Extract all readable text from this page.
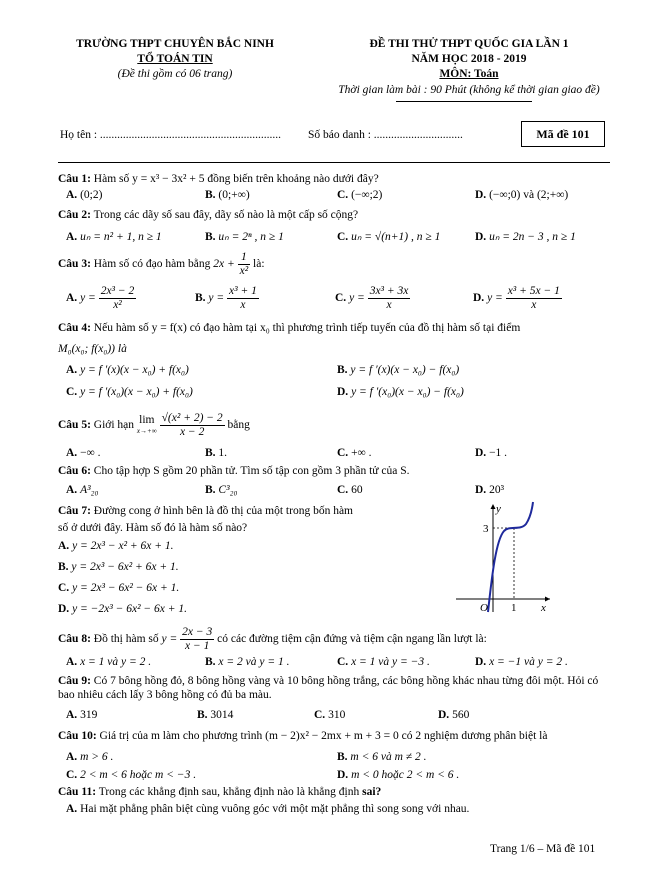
TRƯỜNG THPT CHUYÊN BẮC NINH
TỔ TOÁN TIN
(Đề thi gồm có 06 trang)
ĐỀ THI THỬ THPT QUỐC GIA LẦN 1
NĂM HỌC 2018 - 2019
MÔN: Toán
Thời gian làm bài : 90 Phút (không kể thời gian giao đề)
Họ tên : ............................................................... Số báo danh : ...............................	Mã đề 101
Câu 1: Hàm số y = x³ − 3x² + 5 đồng biến trên khoảng nào dưới đây?
A. (0;2)	B. (0;+∞)	C. (−∞;2)	D. (−∞;0) và (2;+∞)
Câu 2: Trong các dãy số sau đây, dãy số nào là một cấp số cộng?
A. uₙ = n² + 1, n ≥ 1	B. uₙ = 2ⁿ , n ≥ 1	C. uₙ = √(n+1) , n ≥ 1	D. uₙ = 2n − 3 , n ≥ 1
Câu 3: Hàm số có đạo hàm bằng $2x + \frac{1}{\text{x²}}$ là:
A. $y = \frac{\text{2x³ − 2}}{\text{x²}}$	B. $y = \frac{\text{x³ + 1}}{x}$	C. $y = \frac{\text{3x³ + 3x}}{x}$	D. $y = \frac{\text{x³ + 5x − 1}}{x}$
Câu 4: Nếu hàm số y = f(x) có đạo hàm tại x₀ thì phương trình tiếp tuyến của đồ thị hàm số tại điểm
M₀(x₀; f(x₀)) là
A. y = f ′(x)(x − x₀) + f(x₀)	B. y = f ′(x)(x − x₀) − f(x₀)
C. y = f ′(x₀)(x − x₀) + f(x₀)	D. y = f ′(x₀)(x − x₀) − f(x₀)
Câu 5: Giới hạn lim
x→+∞
$\frac{\text{√(x² + 2) − 2}}{x - 2}$ bằng
A. −∞ .	B. 1.	C. +∞ .	D. −1 .
Câu 6: Cho tập hợp S gồm 20 phần tử. Tìm số tập con gồm 3 phần tử của S.
A. A³₂₀	B. C³₂₀	C. 60	D. 20³
Câu 7: Đường cong ở hình bên là đồ thị của một trong bốn hàm
số ở dưới đây. Hàm số đó là hàm số nào?
A. y = 2x³ − x² + 6x + 1.
B. y = 2x³ − 6x² + 6x + 1.
C. y = 2x³ − 6x² − 6x + 1.
D. y = −2x³ − 6x² − 6x + 1.
y
x
O 1
3
Câu 8: Đồ thị hàm số $y = \frac{2x - 3}{x - 1}$ có các đường tiệm cận đứng và tiệm cận ngang lần lượt là:
A. x = 1 và y = 2 .	B. x = 2 và y = 1 .	C. x = 1 và y = −3 .	D. x = −1 và y = 2 .
Câu 9: Có 7 bông hồng đỏ, 8 bông hồng vàng và 10 bông hồng trắng, các bông hồng khác nhau từng đôi một. Hỏi có bao nhiêu cách lấy 3 bông hồng có đủ ba màu.
A. 319	B. 3014	C. 310	D. 560
Câu 10: Giá trị của m làm cho phương trình (m − 2)x² − 2mx + m + 3 = 0 có 2 nghiệm dương phân biệt là
A. m > 6 .	B. m < 6 và m ≠ 2 .
C. 2 < m < 6 hoặc m < −3 .	D. m < 0 hoặc 2 < m < 6 .
Câu 11: Trong các khẳng định sau, khẳng định nào là khẳng định sai?
A. Hai mặt phẳng phân biệt cùng vuông góc với một mặt phẳng thì song song với nhau.
Trang 1/6 – Mã đề 101
